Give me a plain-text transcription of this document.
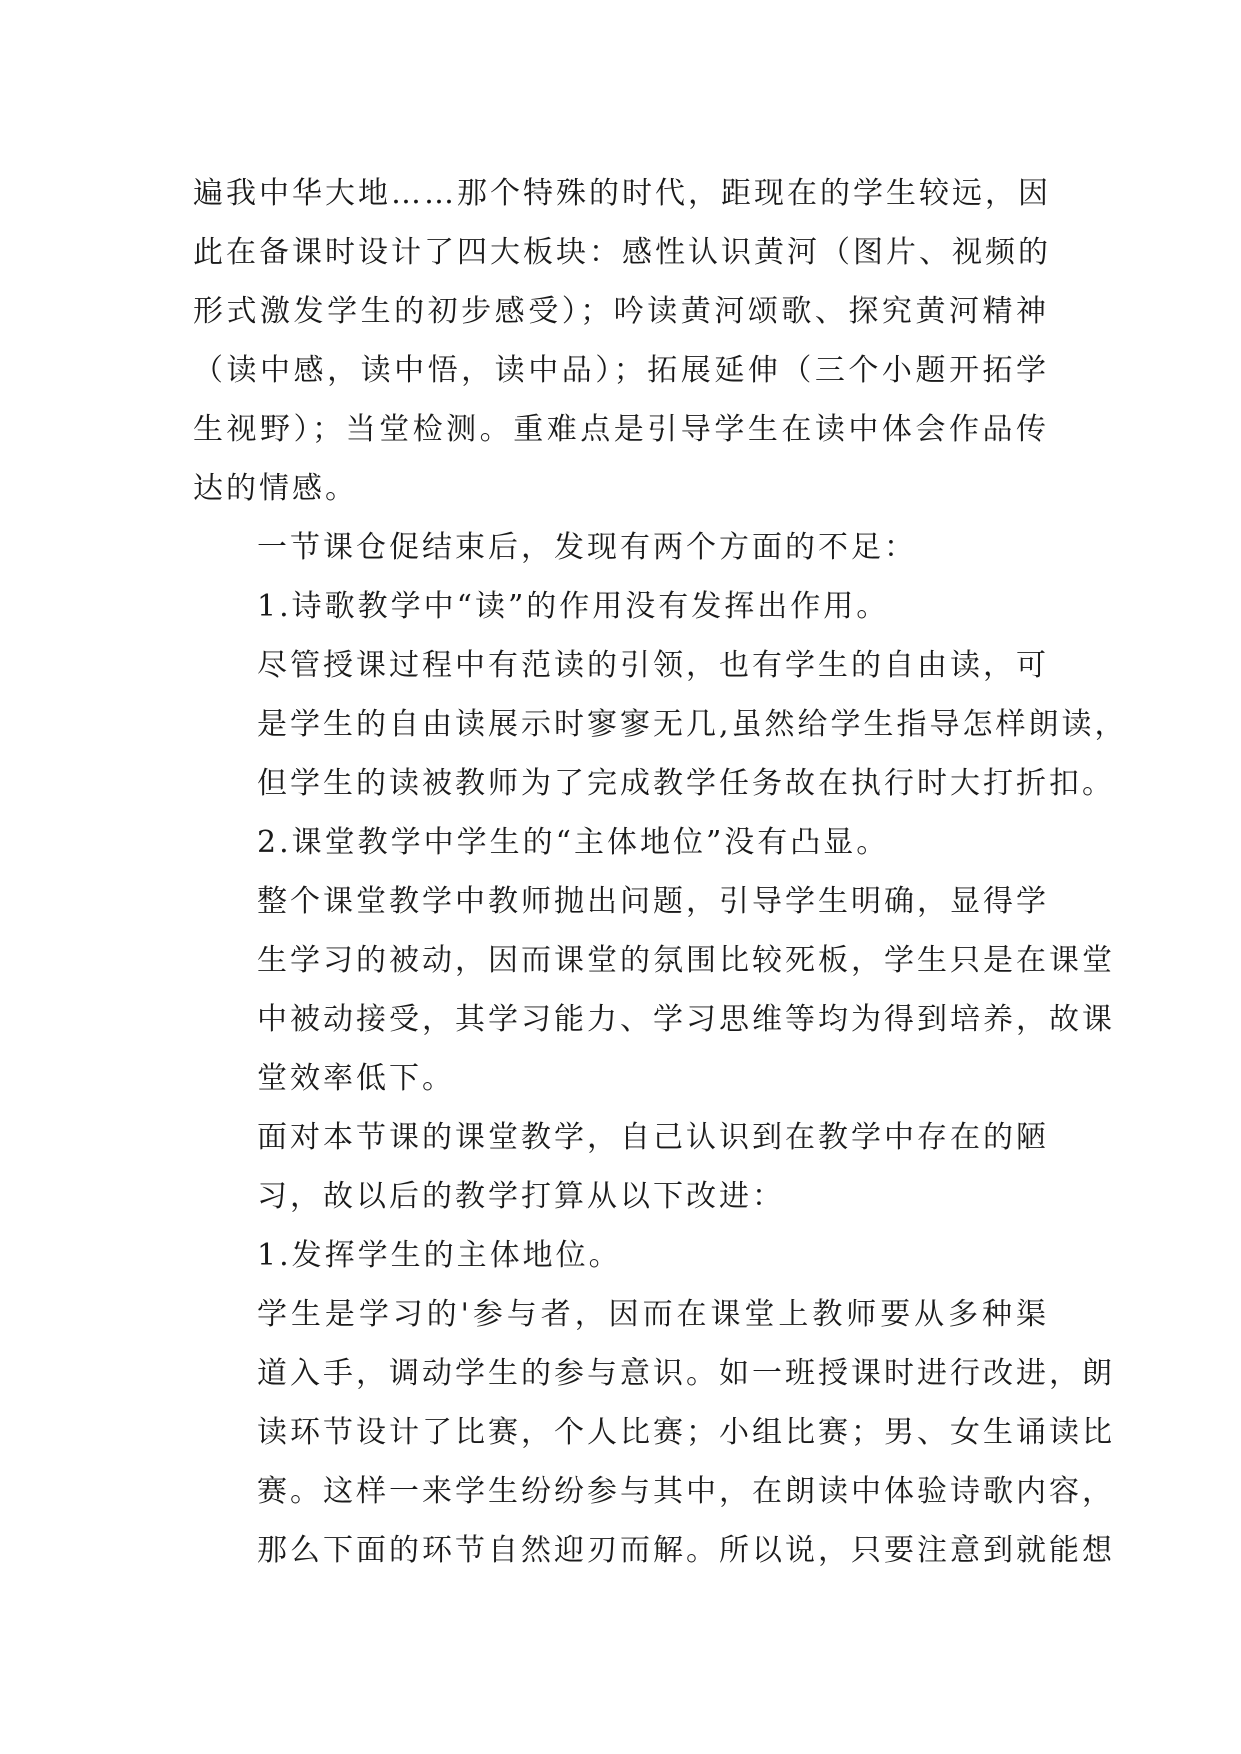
遍我中华大地……那个特殊的时代，距现在的学生较远，因
此在备课时设计了四大板块：感性认识黄河（图片、视频的
形式激发学生的初步感受）；吟读黄河颂歌、探究黄河精神
（读中感，读中悟，读中品）；拓展延伸（三个小题开拓学
生视野）；当堂检测。重难点是引导学生在读中体会作品传
达的情感。
一节课仓促结束后，发现有两个方面的不足：
1.诗歌教学中“读”的作用没有发挥出作用。
尽管授课过程中有范读的引领，也有学生的自由读，可
是学生的自由读展示时寥寥无几,虽然给学生指导怎样朗读，
但学生的读被教师为了完成教学任务故在执行时大打折扣。
2.课堂教学中学生的“主体地位”没有凸显。
整个课堂教学中教师抛出问题，引导学生明确，显得学
生学习的被动，因而课堂的氛围比较死板，学生只是在课堂
中被动接受，其学习能力、学习思维等均为得到培养，故课
堂效率低下。
面对本节课的课堂教学，自己认识到在教学中存在的陋
习，故以后的教学打算从以下改进：
1.发挥学生的主体地位。
学生是学习的'参与者，因而在课堂上教师要从多种渠
道入手，调动学生的参与意识。如一班授课时进行改进，朗
读环节设计了比赛，个人比赛；小组比赛；男、女生诵读比
赛。这样一来学生纷纷参与其中，在朗读中体验诗歌内容，
那么下面的环节自然迎刃而解。所以说，只要注意到就能想
